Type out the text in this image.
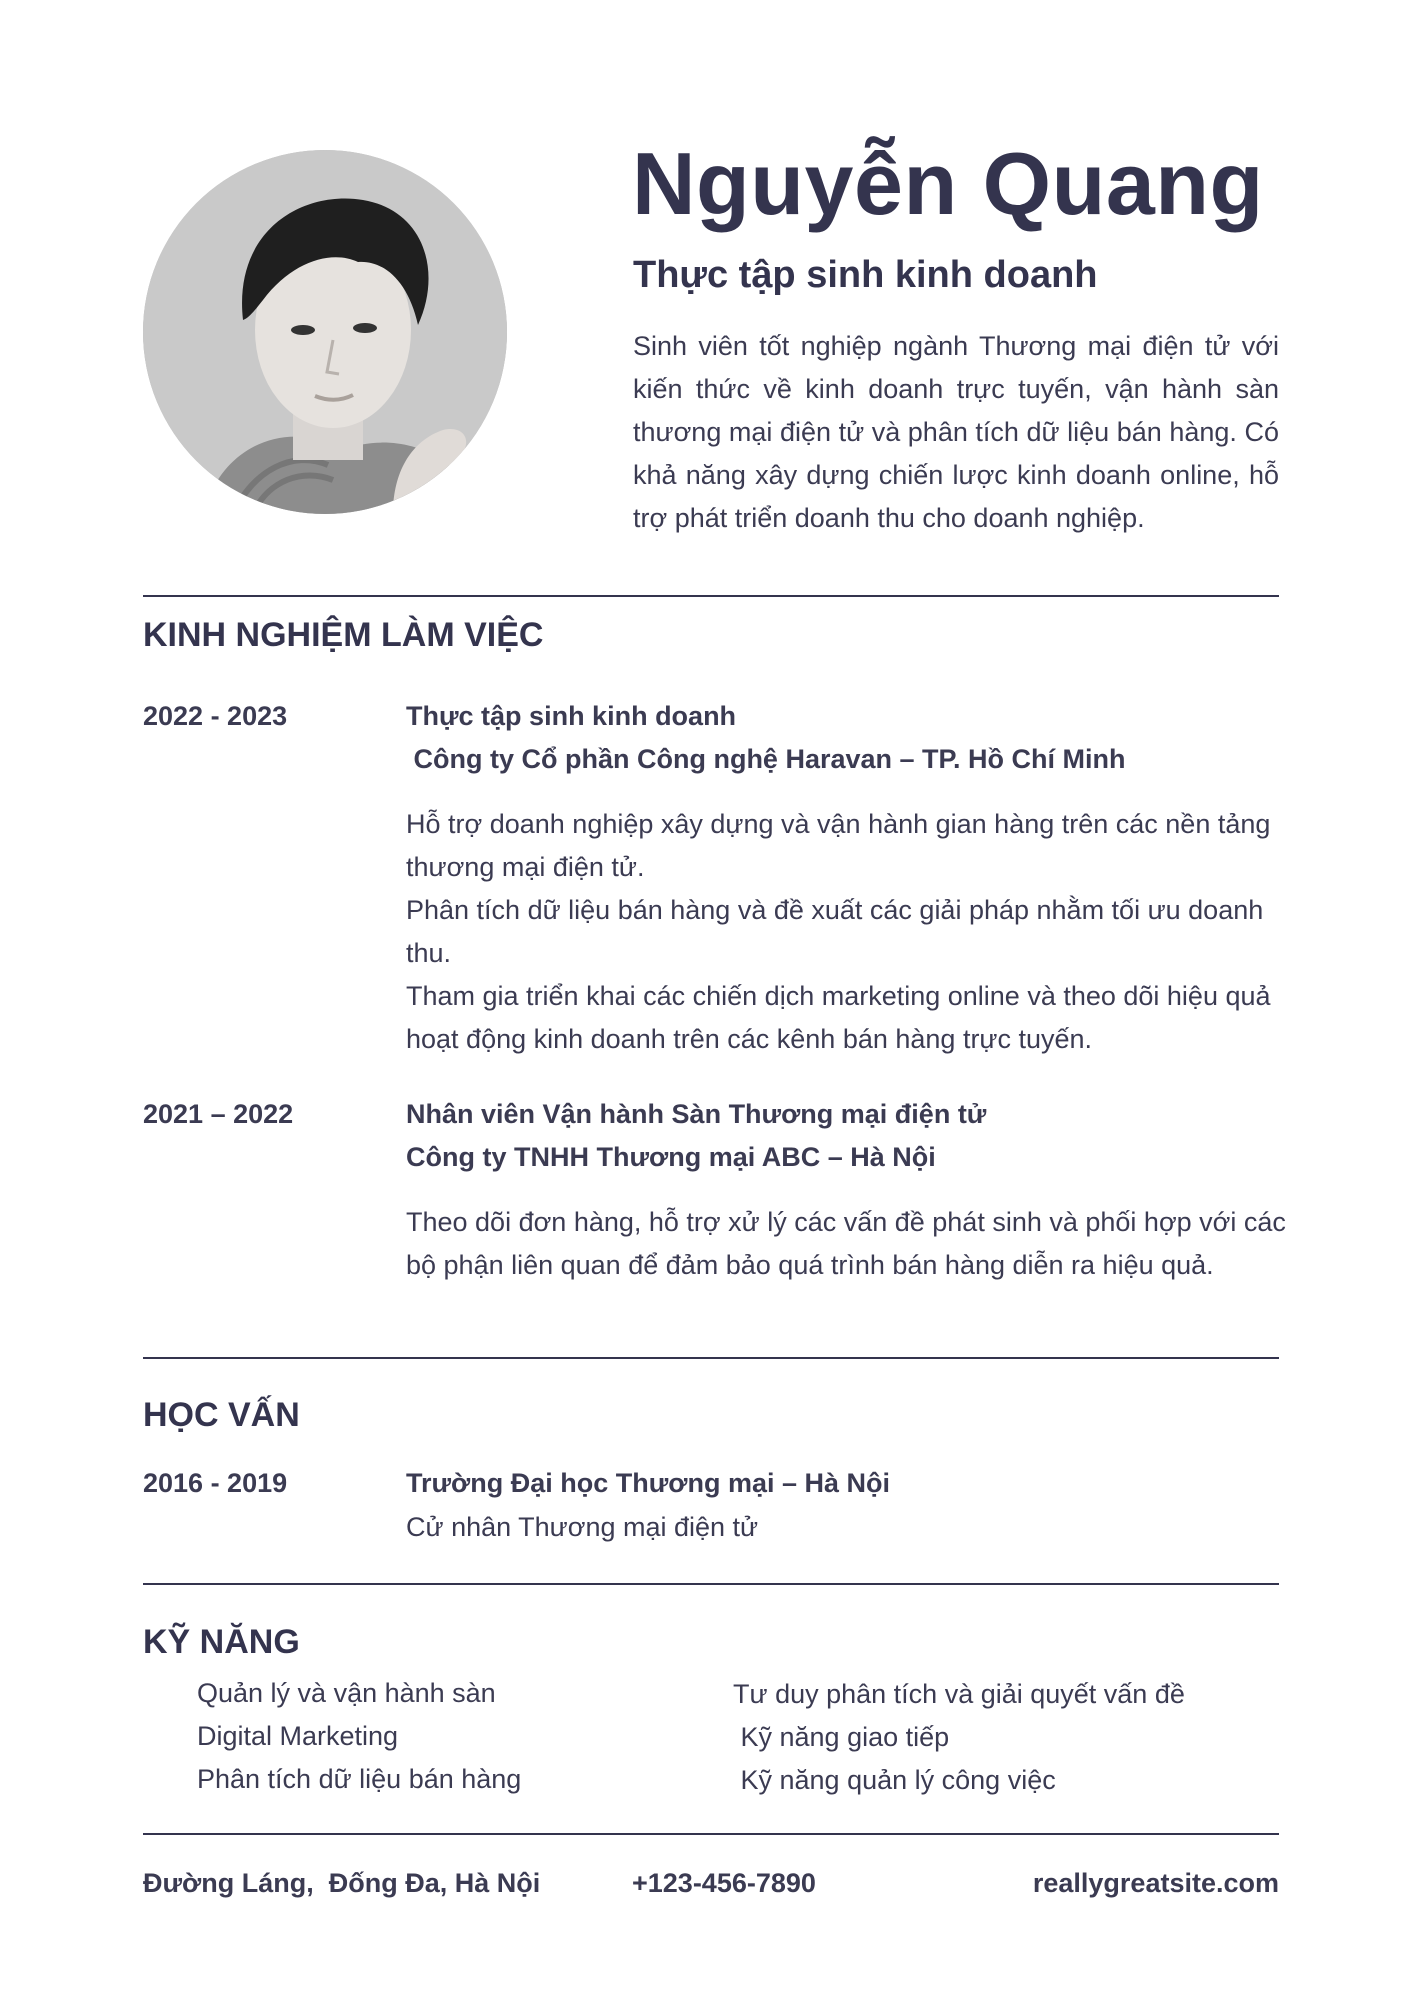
Nguyễn Quang
Thực tập sinh kinh doanh
Sinh viên tốt nghiệp ngành Thương mại điện tử với kiến thức về kinh doanh trực tuyến, vận hành sàn thương mại điện tử và phân tích dữ liệu bán hàng. Có khả năng xây dựng chiến lược kinh doanh online, hỗ trợ phát triển doanh thu cho doanh nghiệp.
KINH NGHIỆM LÀM VIỆC
2022 - 2023	Thực tập sinh kinh doanh
Công ty Cổ phần Công nghệ Haravan – TP. Hồ Chí Minh
Hỗ trợ doanh nghiệp xây dựng và vận hành gian hàng trên các nền tảng thương mại điện tử.
Phân tích dữ liệu bán hàng và đề xuất các giải pháp nhằm tối ưu doanh thu.
Tham gia triển khai các chiến dịch marketing online và theo dõi hiệu quả hoạt động kinh doanh trên các kênh bán hàng trực tuyến.
2021 – 2022	Nhân viên Vận hành Sàn Thương mại điện tử
Công ty TNHH Thương mại ABC – Hà Nội
Theo dõi đơn hàng, hỗ trợ xử lý các vấn đề phát sinh và phối hợp với các bộ phận liên quan để đảm bảo quá trình bán hàng diễn ra hiệu quả.
HỌC VẤN
2016 - 2019	Trường Đại học Thương mại – Hà Nội
Cử nhân Thương mại điện tử
KỸ NĂNG
Quản lý và vận hành sàn
Digital Marketing
Phân tích dữ liệu bán hàng
Tư duy phân tích và giải quyết vấn đề
Kỹ năng giao tiếp
Kỹ năng quản lý công việc
Đường Láng,  Đống Đa, Hà Nội	+123-456-7890	reallygreatsite.com
